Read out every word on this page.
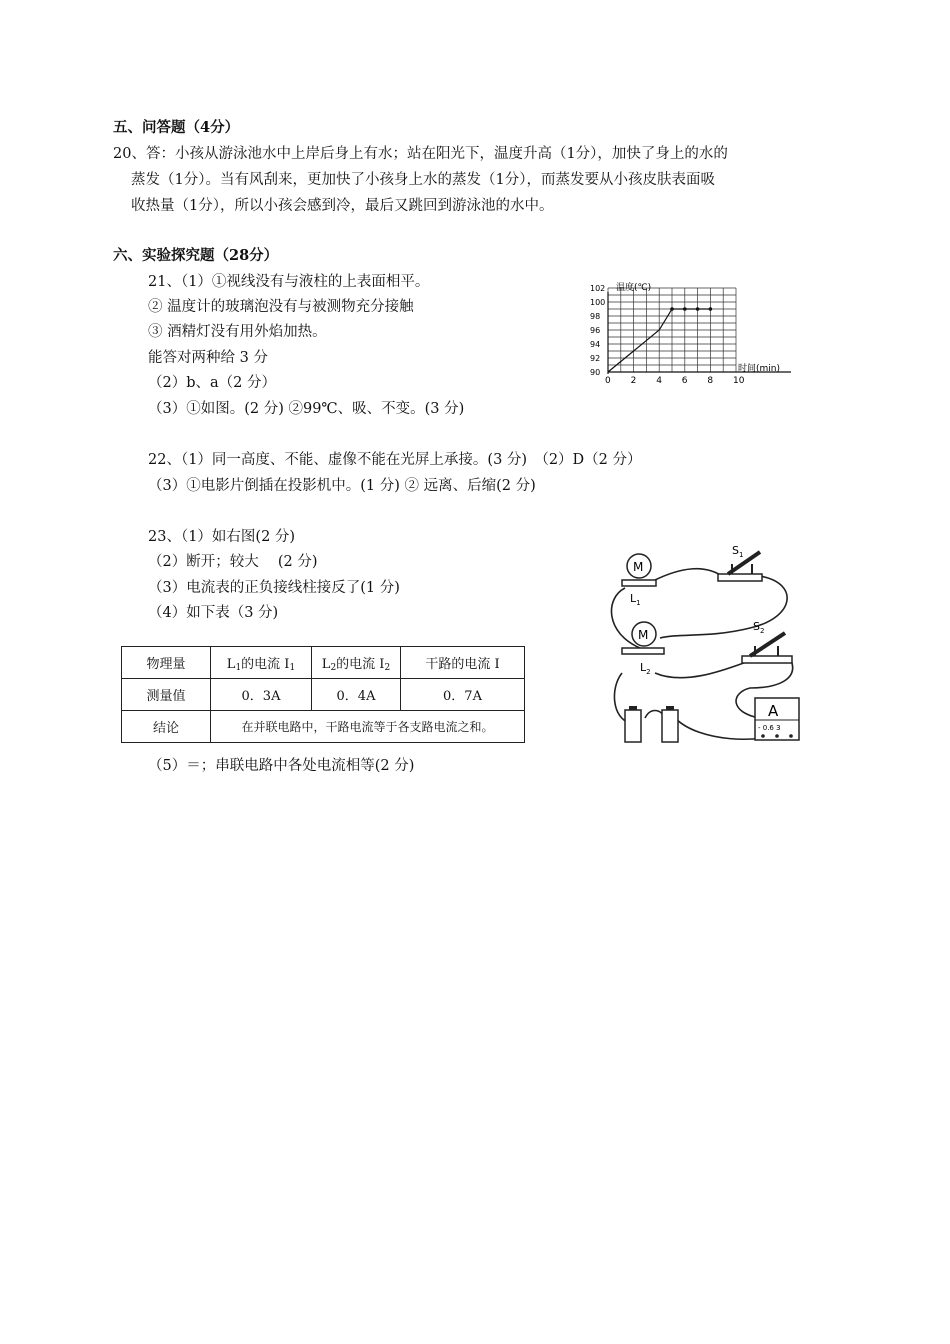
五、问答题（4分）
20、答：小孩从游泳池水中上岸后身上有水；站在阳光下，温度升高（1分），加快了身上的水的
蒸发（1分）。当有风刮来，更加快了小孩身上水的蒸发（1分），而蒸发要从小孩皮肤表面吸
收热量（1分），所以小孩会感到冷，最后又跳回到游泳池的水中。
六、实验探究题（28分）
21、（1）①视线没有与液柱的上表面相平。
② 温度计的玻璃泡没有与被测物充分接触
③ 酒精灯没有用外焰加热。
能答对两种给 3 分
（2）b、a（2 分）
（3）①如图。(2 分) ②99℃、吸、不变。(3 分)
0 2 4 6 8 10
102
100
98
96
94
92
90
温度(℃)
时间(min)
22、（1）同一高度、不能、虚像不能在光屏上承接。(3 分)　（2）D（2 分）
（3）①电影片倒插在投影机中。(1 分) ② 远离、后缩(2 分)
23、（1）如右图(2 分)
（2）断开；较大　 (2 分)
（3）电流表的正负接线柱接反了(1 分)
（4）如下表（3 分)
物理量	$L_1$的电流 $I_1$	$L_2$的电流 $I_2$	干路的电流 I
测量值	0．3A	0．4A	0．7A
结论	在并联电路中，干路电流等于各支路电流之和。		
（5）＝；串联电路中各处电流相等(2 分)
M
$L_1$
M
$L_2$
$S_1$
$S_2$
A
- 0.6 3
